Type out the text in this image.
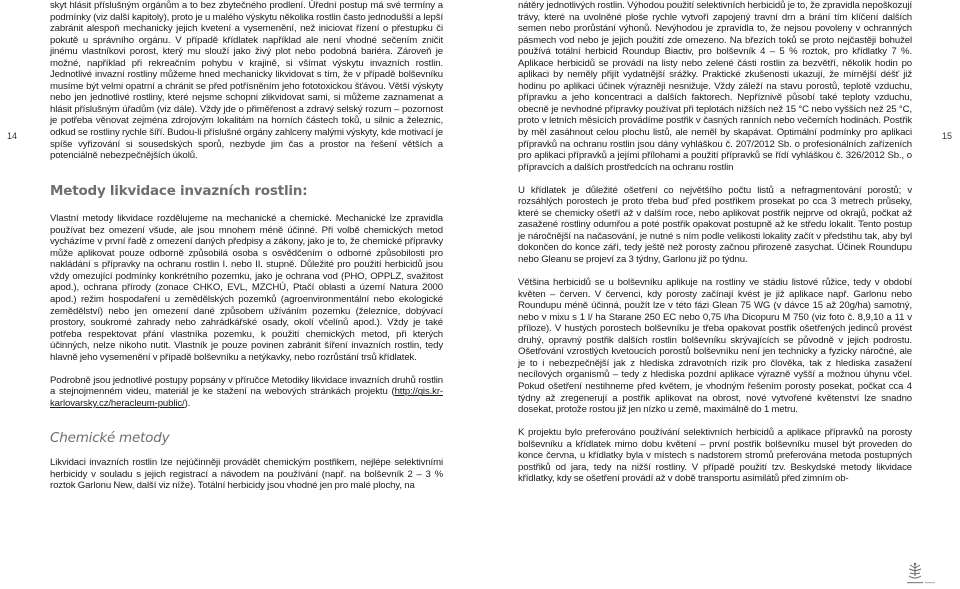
14	15

skyt hlásit příslušným orgánům a to bez zbytečného prodlení. Úřední postup má své termíny a podmínky (viz další kapitoly), proto je u malého výskytu několika rostlin často jednodušší a lepší zabránit alespoň mechanicky jejich kvetení a vysemenění, než iniciovat řízení o přestupku či pokutě u správního orgánu. V případě křídlatek například ale není vhodné sečením zničit jinému vlastníkovi porost, který mu slouží jako živý plot nebo podobná bariéra. Zároveň je možné, například při rekreačním pohybu v krajině, si všímat výskytu invazních rostlin. Jednotlivé invazní rostliny můžeme hned mechanicky likvidovat s tím, že v případě bolševníku musíme být velmi opatrní a chránit se před potřísněním jeho fototoxickou šťávou. Větší výskyty nebo jen jednotlivé rostliny, které nejsme schopni zlikvidovat sami, si můžeme zaznamenat a hlásit příslušným úřadům (viz dále). Vždy jde o přiměřenost a zdravý selský rozum – pozornost je potřeba věnovat zejména zdrojovým lokalitám na horních částech toků, u silnic a železnic, odkud se rostliny rychle šíří. Budou-li příslušné orgány zahlceny malými výskyty, kde motivací je spíše vyřizování si sousedských sporů, nezbyde jim čas a prostor na řešení větších a potenciálně nebezpečnějších úkolů.

Metody likvidace invazních rostlin:

Vlastní metody likvidace rozdělujeme na mechanické a chemické. Mechanické lze zpravidla používat bez omezení všude, ale jsou mnohem méně účinné. Při volbě chemických metod vycházíme v první řadě z omezení daných předpisy a zákony, jako je to, že chemické přípravky může aplikovat pouze odborně způsobilá osoba s osvědčením o odborné způsobilosti pro nakládání s přípravky na ochranu rostlin I. nebo II. stupně. Důležité pro použití herbicidů jsou vždy omezující podmínky konkrétního pozemku, jako je ochrana vod (PHO, OPPLZ, svažitost apod.), ochrana přírody (zonace CHKO, EVL, MZCHÚ, Ptačí oblasti a území Natura 2000 apod.) režim hospodaření u zemědělských pozemků (agroenvironmentální nebo ekologické zemědělství) nebo jen omezení dané způsobem užíváním pozemku (železnice, dobývací prostory, soukromé zahrady nebo zahrádkářské osady, okolí včelínů apod.). Vždy je také potřeba respektovat přání vlastníka pozemku, k použití chemických metod, při kterých účinných, nelze nikoho nutit. Vlastník je pouze povinen zabránit šíření invazních rostlin, tedy hlavně jeho vysemenění v případě bolševníku a netýkavky, nebo rozrůstání trsů křídlatek.

Podrobně jsou jednotlivé postupy popsány v příručce Metodiky likvidace invazních druhů rostlin a stejnojmenném videu, materiál je ke stažení na webových stránkách projektu (http://gis.kr-karlovarsky.cz/heracleum-public/).

Chemické metody

Likvidaci invazních rostlin lze nejúčinněji provádět chemickým postřikem, nejlépe selektivními herbicidy v souladu s jejich registrací a návodem na používání (např. na bolševník 2 – 3 % roztok Garlonu New, další viz níže). Totální herbicidy jsou vhodné jen pro malé plochy, na

nátěry jednotlivých rostlin. Výhodou použití selektivních herbicidů je to, že zpravidla nepoškozují trávy, které na uvolněné ploše rychle vytvoří zapojený travní drn a brání tím klíčení dalších semen nebo prorůstání výhonů. Nevýhodou je zpravidla to, že nejsou povoleny v ochranných pásmech vod nebo je jejich použití zde omezeno. Na březích toků se proto nejčastěji bohužel používá totální herbicid Roundup Biactiv, pro bolševník 4 – 5 % roztok, pro křídlatky 7 %. Aplikace herbicidů se provádí na listy nebo zelené části rostlin za bezvětří, několik hodin po aplikaci by neměly přijít vydatnější srážky. Praktické zkušenosti ukazují, že mírnější déšť již hodinu po aplikaci účinek výrazněji nesnižuje. Vždy záleží na stavu porostů, teplotě vzduchu, přípravku a jeho koncentraci a dalších faktorech. Nepříznivě působí také teploty vzduchu, obecně je nevhodné přípravky používat při teplotách nižších než 15 °C nebo vyšších než 25 °C, proto v letních měsících provádíme postřik v časných ranních nebo večerních hodinách. Postřik by měl zasáhnout celou plochu listů, ale neměl by skapávat. Optimální podmínky pro aplikaci přípravků na ochranu rostlin jsou dány vyhláškou č. 207/2012 Sb. o profesionálních zařízeních pro aplikaci přípravků a jejími přílohami a použití přípravků se řídí vyhláškou č. 326/2012 Sb., o přípravcích a dalších prostředcích na ochranu rostlin

U křídlatek je důležité ošetření co největšího počtu listů a nefragmentování porostů; v rozsáhlých porostech je proto třeba buď před postřikem prosekat po cca 3 metrech průseky, které se chemicky ošetří až v dalším roce, nebo aplikovat postřik nejprve od okrajů, počkat až zasažené rostliny odumřou a poté postřik opakovat postupně až ke středu lokalit. Tento postup je náročnější na načasování, je nutné s ním podle velikosti lokality začít v předstihu tak, aby byl dokončen do konce září, tedy ještě než porosty začnou přirozeně zasychat. Účinek Roundupu nebo Gleanu se projeví za 3 týdny, Garlonu již po týdnu.

Většina herbicidů se u bolševníku aplikuje na rostliny ve stádiu listové růžice, tedy v období květen – červen. V červenci, kdy porosty začínají kvést je již aplikace např. Garlonu nebo Roundupu méně účinná, použít lze v této fázi Glean 75 WG (v dávce 15 až 20g/ha) samotný, nebo v mixu s 1 l/ ha Starane 250 EC nebo 0,75 l/ha Dicopuru M 750 (viz foto č. 8,9,10 a 11 v příloze). V hustých porostech bolševníku je třeba opakovat postřik ošetřených jedinců provést druhý, opravný postřik dalších rostlin bolševníku skrývajících se původně v jejich podrostu. Ošetřování vzrostlých kvetoucích porostů bolševníku není jen technicky a fyzicky náročné, ale je to i nebezpečnější jak z hlediska zdravotních rizik pro člověka, tak z hlediska zasažení necílových organismů – tedy z hlediska pozdní aplikace výrazně vyšší a možnou úhynu včel. Pokud ošetření nestihneme před květem, je vhodným řešením porosty posekat, počkat cca 4 týdny až zregenerují a postřik aplikovat na obrost, nové vytvořené květenství lze snadno dosekat, protože rostou již jen nízko u země, maximálně do 1 metru.

K projektu bylo preferováno používání selektivních herbicidů a aplikace přípravků na porosty bolševníku a křídlatek mimo dobu květení – první postřik bolševníku musel být proveden do konce června, u křídlatky byla v místech s nadstorem stromů preferována metoda postupných postřiků od jara, tedy na nižší rostliny. V případě použití tzv. Beskydské metody likvidace křídlatky, kdy se ošetření provádí až v době transportu asimilátů před zimním ob-
